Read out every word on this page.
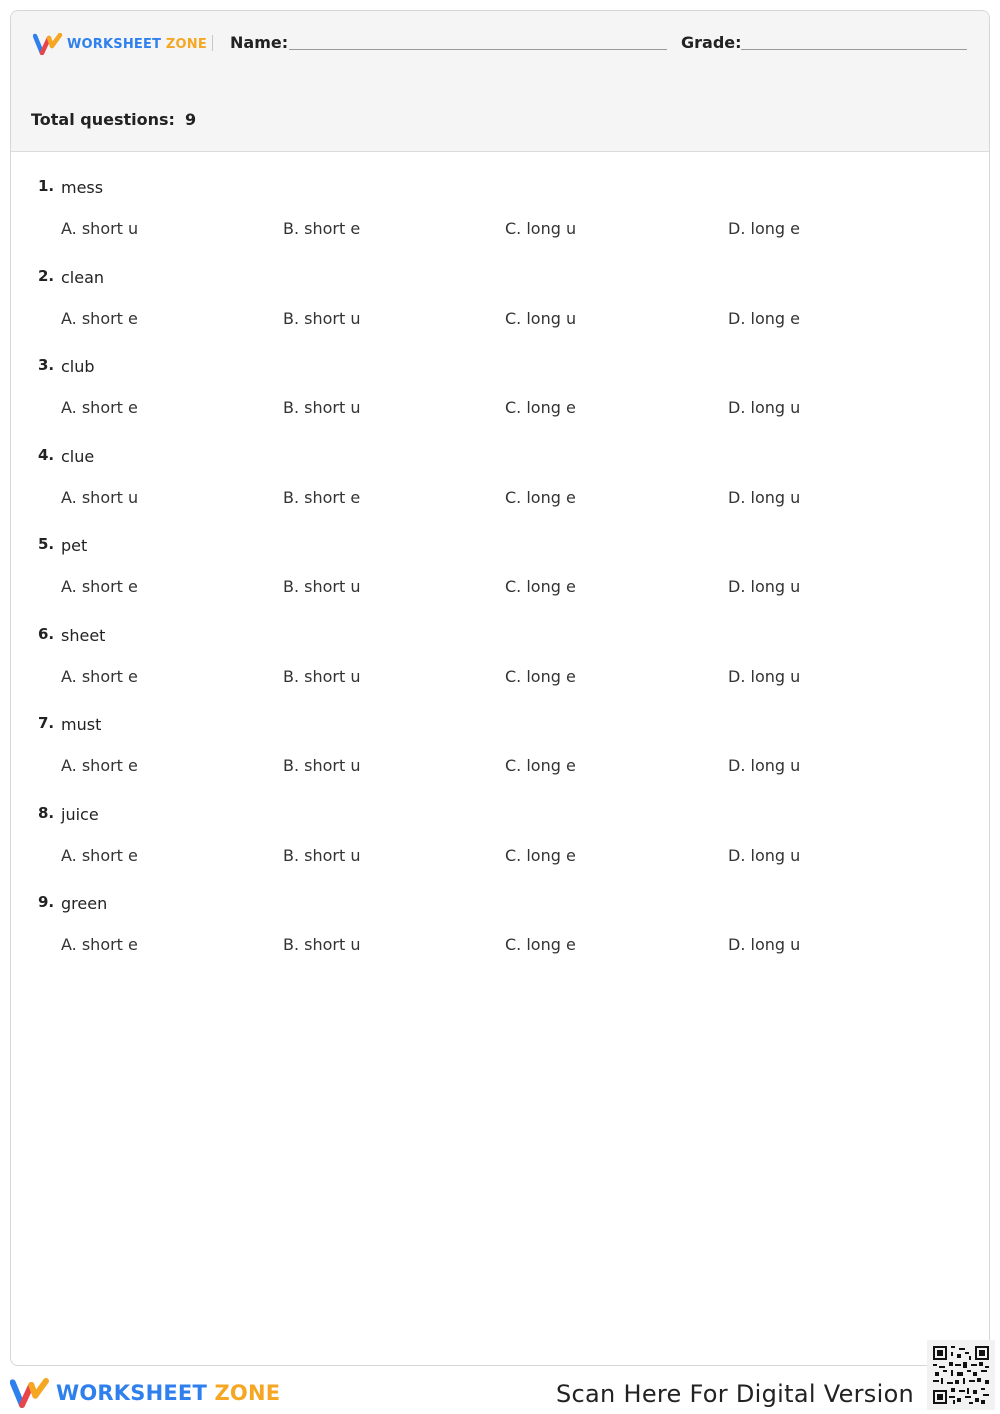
WORKSHEET ZONE Name:	Grade:
Total questions: 9
1. mess
A. short u	B. short e	C. long u	D. long e
2. clean
A. short e	B. short u	C. long u	D. long e
3. club
A. short e	B. short u	C. long e	D. long u
4. clue
A. short u	B. short e	C. long e	D. long u
5. pet
A. short e	B. short u	C. long e	D. long u
6. sheet
A. short e	B. short u	C. long e	D. long u
7. must
A. short e	B. short u	C. long e	D. long u
8. juice
A. short e	B. short u	C. long e	D. long u
9. green
A. short e	B. short u	C. long e	D. long u
WORKSHEET ZONE	Scan Here For Digital Version
